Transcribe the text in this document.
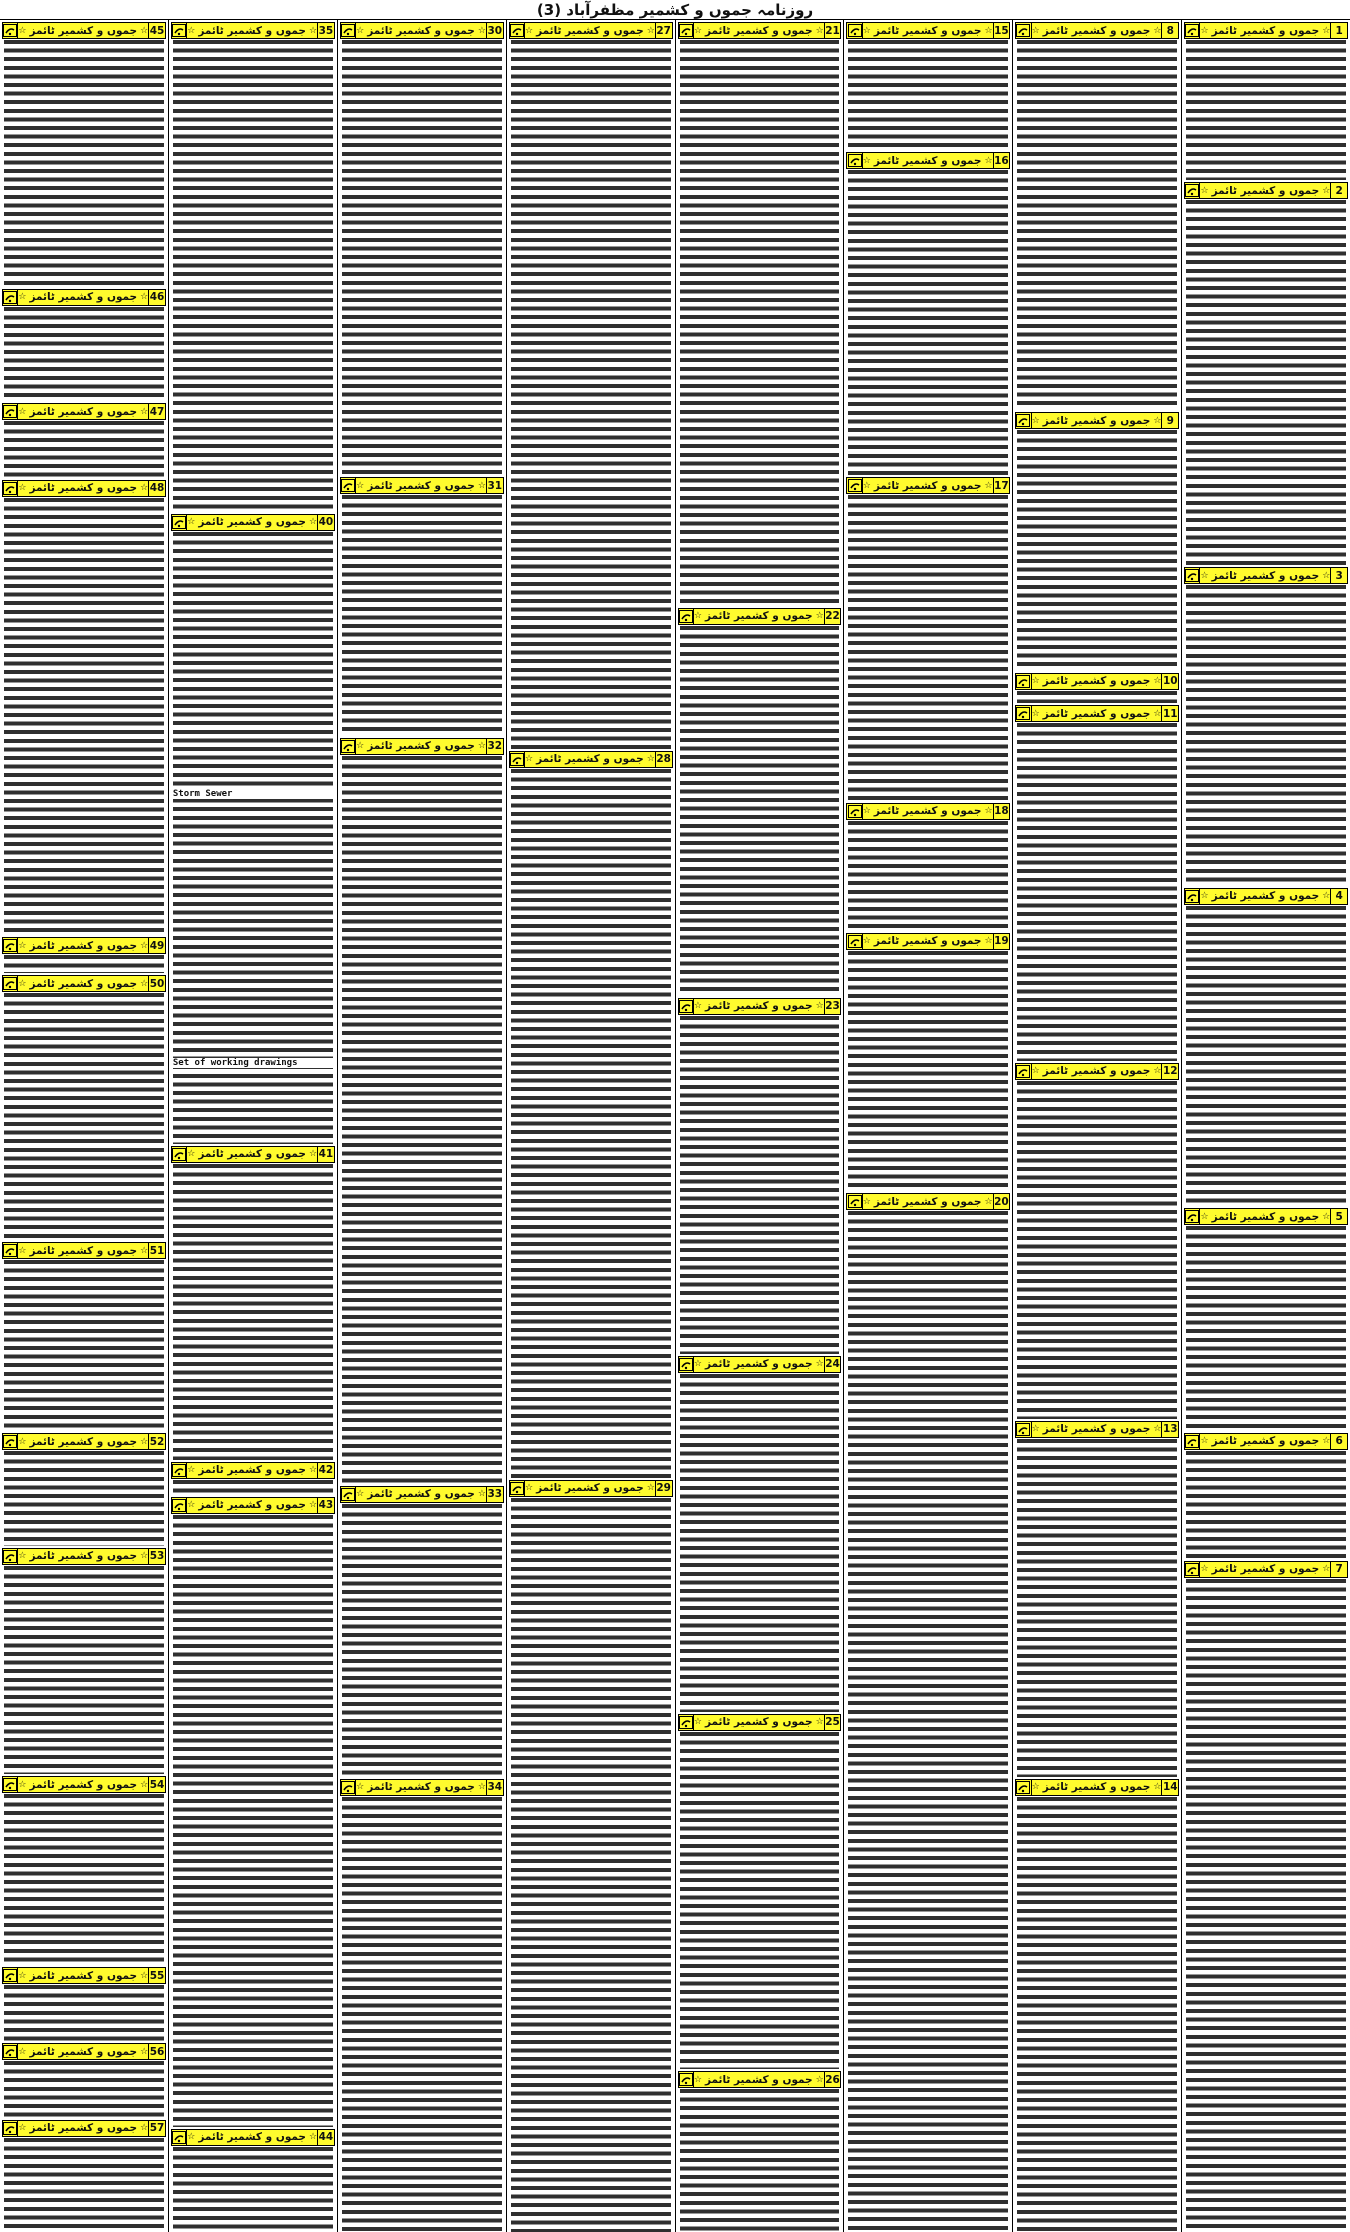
روزنامہ جموں و کشمیر مظفرآباد (3)
1
☆
جموں و کشمیر ٹائمز
☆
2
☆
جموں و کشمیر ٹائمز
☆
3
☆
جموں و کشمیر ٹائمز
☆
4
☆
جموں و کشمیر ٹائمز
☆
5
☆
جموں و کشمیر ٹائمز
☆
6
☆
جموں و کشمیر ٹائمز
☆
7
☆
جموں و کشمیر ٹائمز
☆
8
☆
جموں و کشمیر ٹائمز
☆
9
☆
جموں و کشمیر ٹائمز
☆
10
☆
جموں و کشمیر ٹائمز
☆
11
☆
جموں و کشمیر ٹائمز
☆
12
☆
جموں و کشمیر ٹائمز
☆
13
☆
جموں و کشمیر ٹائمز
☆
14
☆
جموں و کشمیر ٹائمز
☆
15
☆
جموں و کشمیر ٹائمز
☆
16
☆
جموں و کشمیر ٹائمز
☆
17
☆
جموں و کشمیر ٹائمز
☆
18
☆
جموں و کشمیر ٹائمز
☆
19
☆
جموں و کشمیر ٹائمز
☆
20
☆
جموں و کشمیر ٹائمز
☆
21
☆
جموں و کشمیر ٹائمز
☆
22
☆
جموں و کشمیر ٹائمز
☆
23
☆
جموں و کشمیر ٹائمز
☆
24
☆
جموں و کشمیر ٹائمز
☆
25
☆
جموں و کشمیر ٹائمز
☆
26
☆
جموں و کشمیر ٹائمز
☆
27
☆
جموں و کشمیر ٹائمز
☆
28
☆
جموں و کشمیر ٹائمز
☆
29
☆
جموں و کشمیر ٹائمز
☆
30
☆
جموں و کشمیر ٹائمز
☆
31
☆
جموں و کشمیر ٹائمز
☆
32
☆
جموں و کشمیر ٹائمز
☆
33
☆
جموں و کشمیر ٹائمز
☆
34
☆
جموں و کشمیر ٹائمز
☆
35
☆
جموں و کشمیر ٹائمز
☆
40
☆
جموں و کشمیر ٹائمز
☆
Storm Sewer
Set of working drawings
41
☆
جموں و کشمیر ٹائمز
☆
42
☆
جموں و کشمیر ٹائمز
☆
43
☆
جموں و کشمیر ٹائمز
☆
44
☆
جموں و کشمیر ٹائمز
☆
45
☆
جموں و کشمیر ٹائمز
☆
46
☆
جموں و کشمیر ٹائمز
☆
47
☆
جموں و کشمیر ٹائمز
☆
48
☆
جموں و کشمیر ٹائمز
☆
49
☆
جموں و کشمیر ٹائمز
☆
50
☆
جموں و کشمیر ٹائمز
☆
51
☆
جموں و کشمیر ٹائمز
☆
52
☆
جموں و کشمیر ٹائمز
☆
53
☆
جموں و کشمیر ٹائمز
☆
54
☆
جموں و کشمیر ٹائمز
☆
55
☆
جموں و کشمیر ٹائمز
☆
56
☆
جموں و کشمیر ٹائمز
☆
57
☆
جموں و کشمیر ٹائمز
☆
